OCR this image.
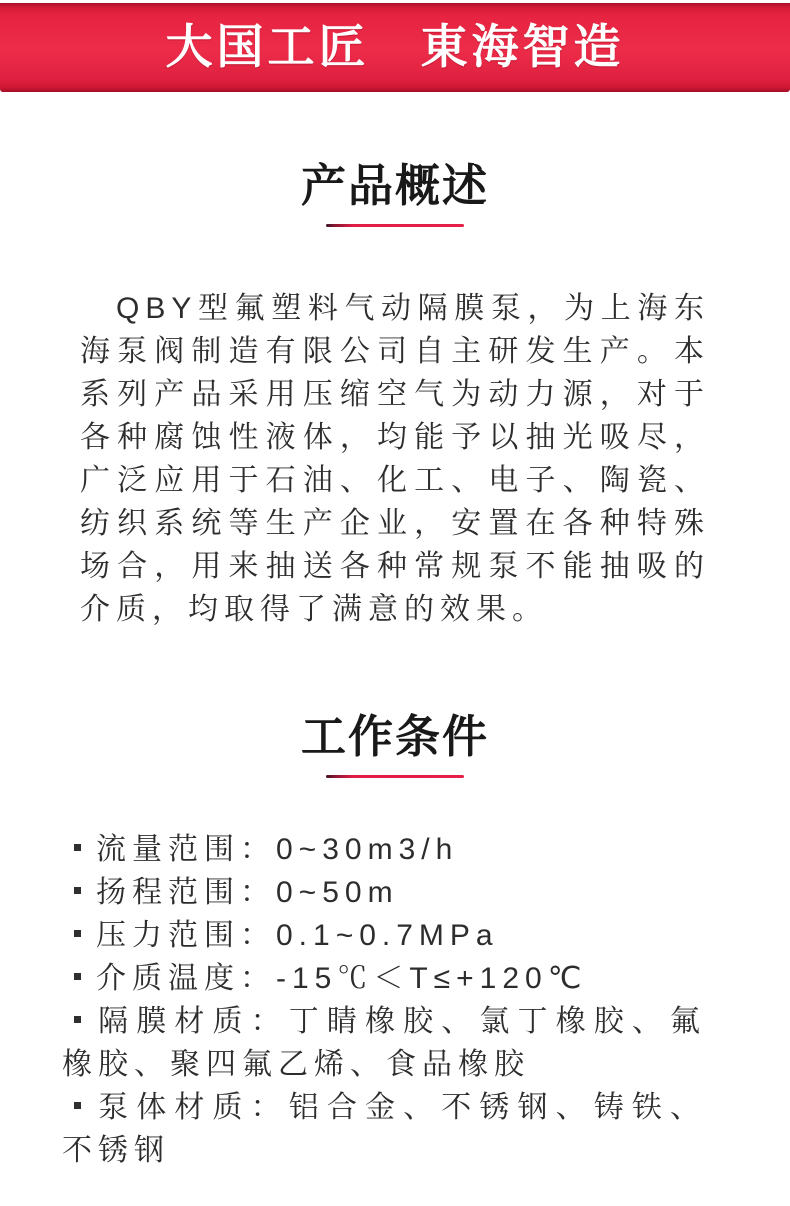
大国工匠　東海智造
产品概述

QBY型氟塑料气动隔膜泵，为上海东海泵阀制造有限公司自主研发生产。本系列产品采用压缩空气为动力源，对于各种腐蚀性液体，均能予以抽光吸尽，广泛应用于石油、化工、电子、陶瓷、纺织系统等生产企业，安置在各种特殊场合，用来抽送各种常规泵不能抽吸的介质，均取得了满意的效果。

工作条件
流量范围：0~30m3/h
扬程范围：0~50m
压力范围：0.1~0.7MPa
介质温度：-15℃＜T≤+120℃
隔膜材质：丁睛橡胶、氯丁橡胶、氟橡胶、聚四氟乙烯、食品橡胶
泵体材质：铝合金、不锈钢、铸铁、不锈钢
